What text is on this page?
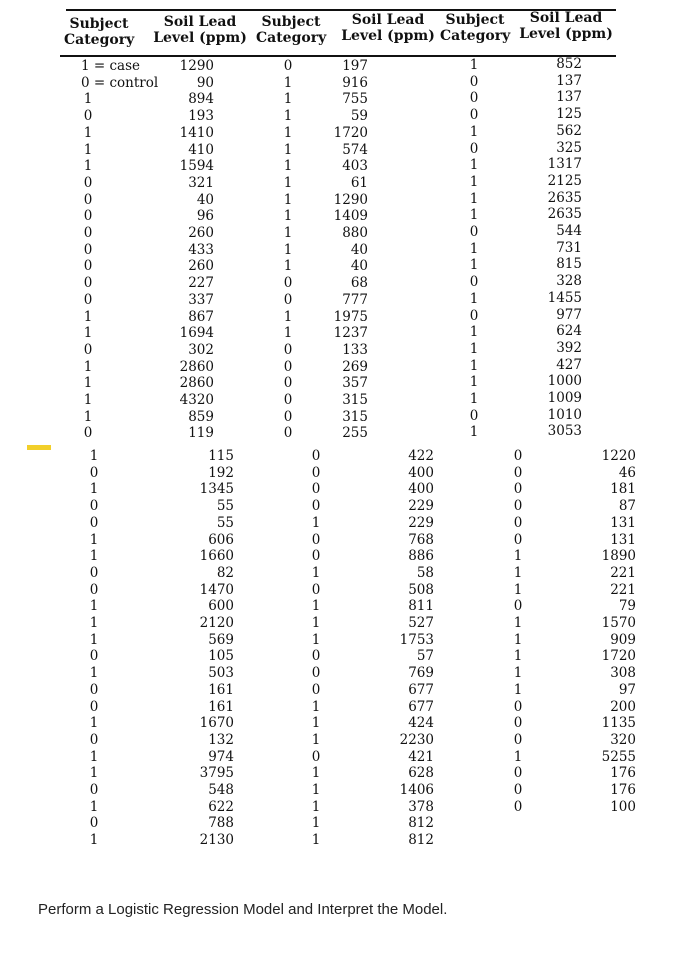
Subject Category
Soil Lead Level (ppm)
Subject Category
Soil Lead Level (ppm)
Subject Category
Soil Lead Level (ppm)
1 = case
0 = control
1
0
1
1
1
0
0
0
0
0
0
0
0
1
1
0
1
1
1
1
0
1290
90
894
193
1410
410
1594
321
40
96
260
433
260
227
337
867
1694
302
2860
2860
4320
859
119
0
1
1
1
1
1
1
1
1
1
1
1
1
0
0
1
1
0
0
0
0
0
0
197
916
755
59
1720
574
403
61
1290
1409
880
40
40
68
777
1975
1237
133
269
357
315
315
255
1
0
0
0
1
0
1
1
1
1
0
1
1
0
1
0
1
1
1
1
1
0
1
852
137
137
125
562
325
1317
2125
2635
2635
544
731
815
328
1455
977
624
392
427
1000
1009
1010
3053
1
0
1
0
0
1
1
0
0
1
1
1
0
1
0
0
1
0
1
1
0
1
0
1
115
192
1345
55
55
606
1660
82
1470
600
2120
569
105
503
161
161
1670
132
974
3795
548
622
788
2130
0
0
0
0
1
0
0
1
0
1
1
1
0
0
0
1
1
1
0
1
1
1
1
1
422
400
400
229
229
768
886
58
508
811
527
1753
57
769
677
677
424
2230
421
628
1406
378
812
812
0
0
0
0
0
0
1
1
1
0
1
1
1
1
1
0
0
0
1
0
0
0
1220
46
181
87
131
131
1890
221
221
79
1570
909
1720
308
97
200
1135
320
5255
176
176
100
Perform a Logistic Regression Model and Interpret the Model.
